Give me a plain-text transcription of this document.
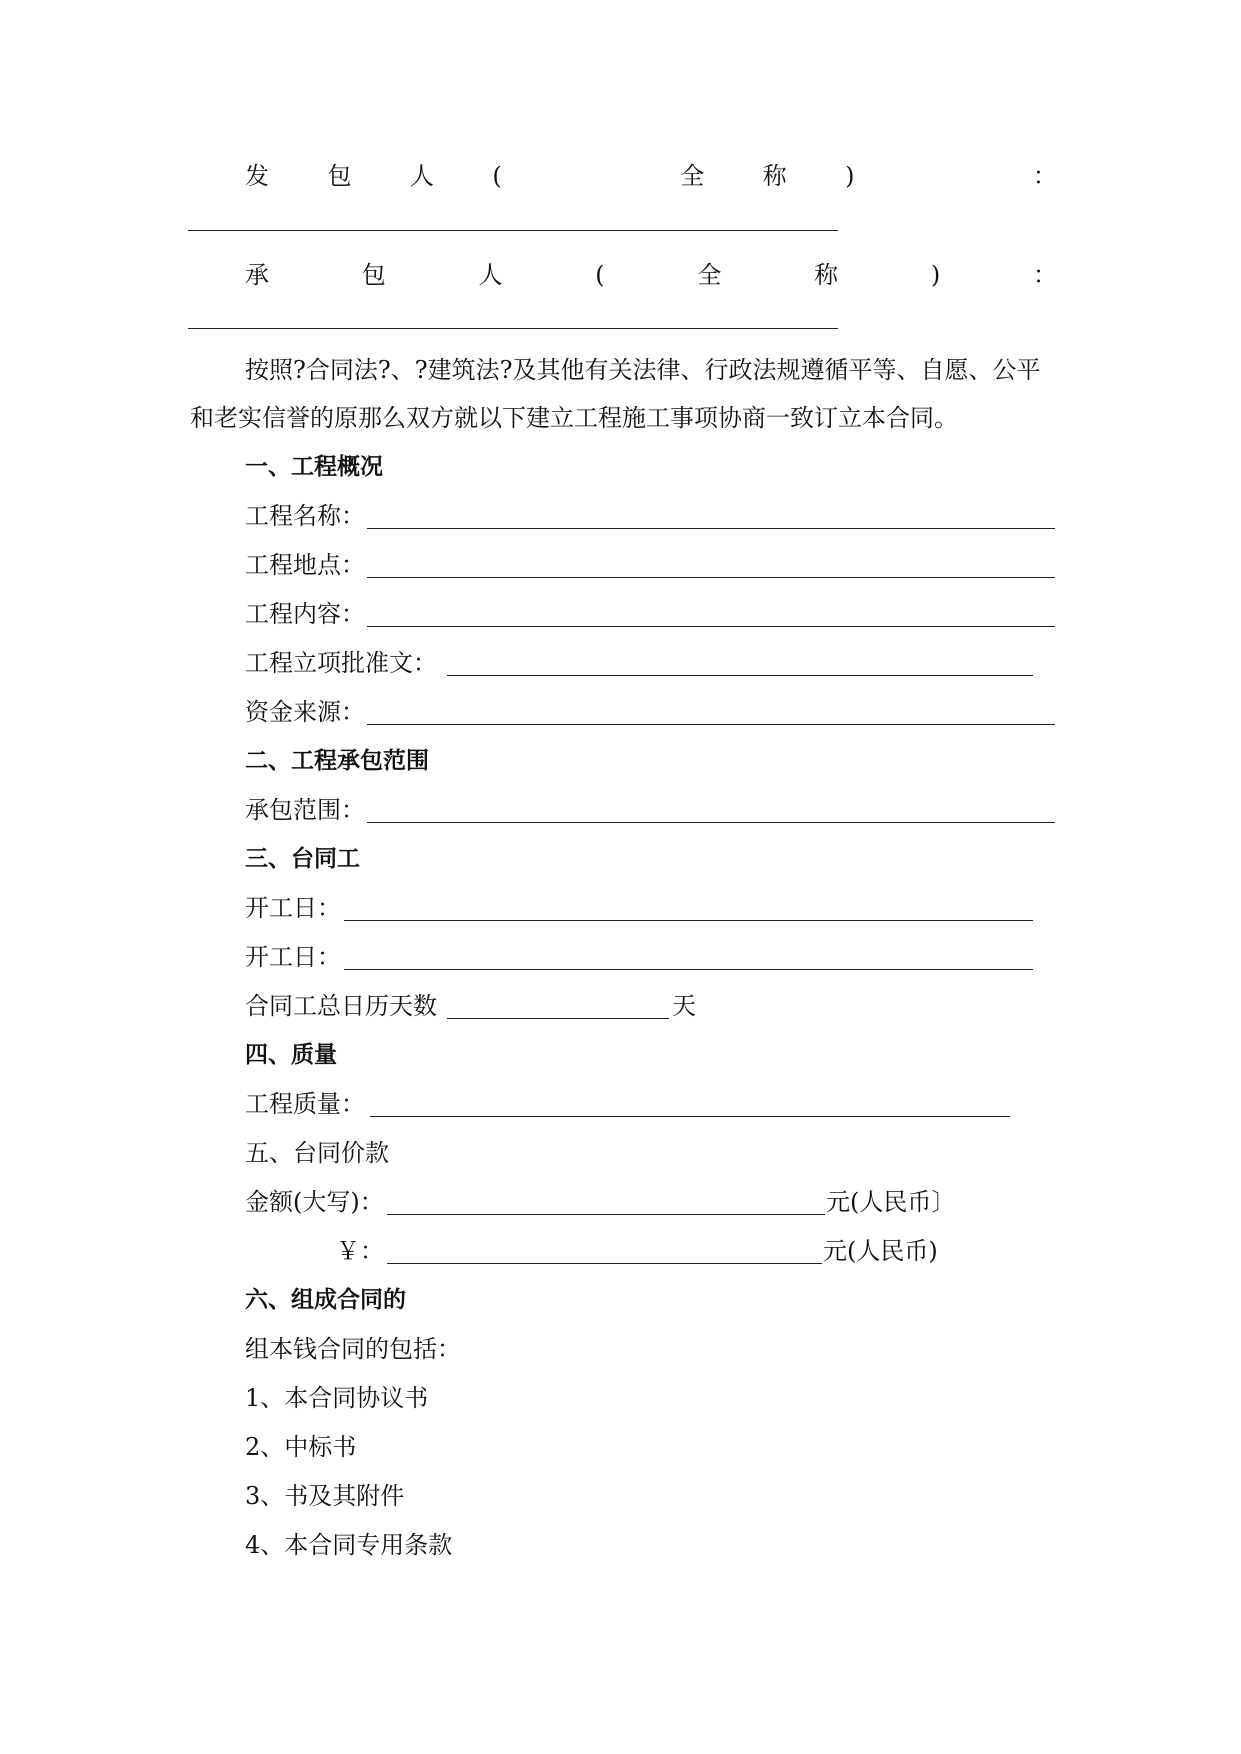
发 包 人 (	全 称 )	：
承	包	人	(	全	称	)	：
按照?合同法?、?建筑法?及其他有关法律、行政法规遵循平等、自愿、公平
和老实信誉的原那么双方就以下建立工程施工事项协商一致订立本合同。
一、工程概况
工程名称：
工程地点：
工程内容：
工程立项批准文：
资金来源：
二、工程承包范围
承包范围：
三、台同工
开工日：
开工日：
合同工总日历天数	天
四、质量
工程质量：
五、台同价款
金额(大写)：	元(人民币〕
￥：	元(人民币)
六、组成合同的
组本钱合同的包括：
1、本合同协议书
2、中标书
3、书及其附件
4、本合同专用条款
